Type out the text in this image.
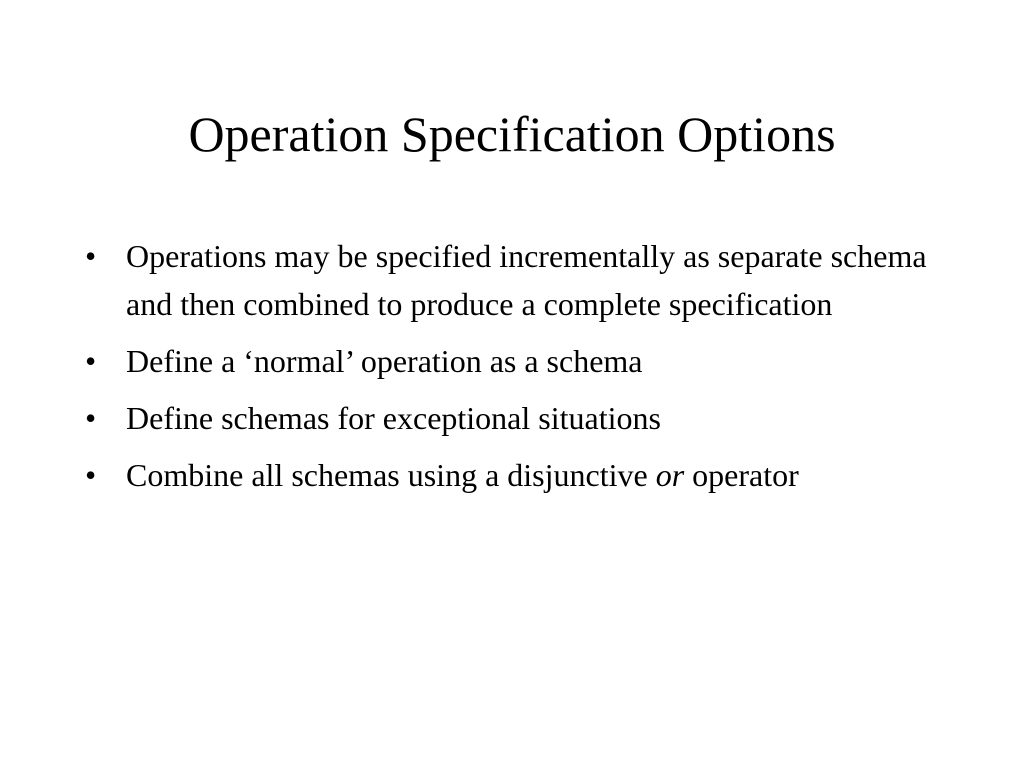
Operation Specification Options
• Operations may be specified incrementally as separate schema and then combined to produce a complete specification
• Define a ‘normal’ operation as a schema
• Define schemas for exceptional situations
• Combine all schemas using a disjunctive or operator
